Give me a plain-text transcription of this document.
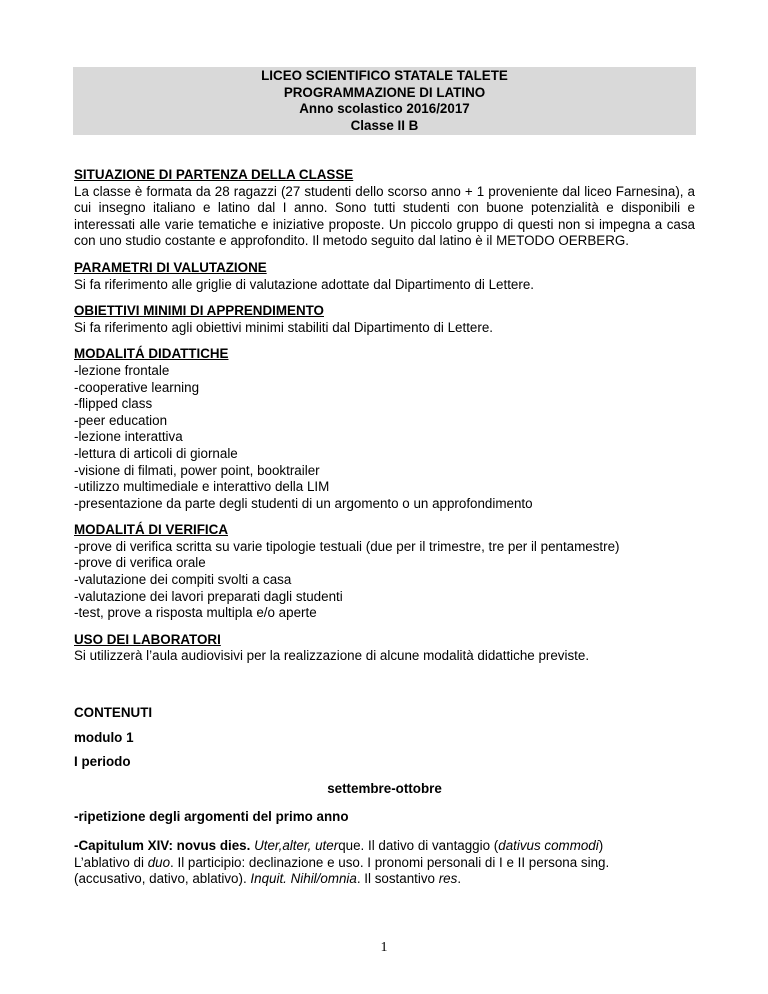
LICEO SCIENTIFICO STATALE TALETE
PROGRAMMAZIONE DI LATINO
Anno scolastico 2016/2017
Classe II B

SITUAZIONE DI PARTENZA DELLA CLASSE

La classe è formata da 28 ragazzi (27 studenti dello scorso anno + 1 proveniente dal liceo Farnesina), a cui insegno italiano e latino dal I anno. Sono tutti studenti con buone potenzialità e disponibili e interessati alle varie tematiche e iniziative proposte. Un piccolo gruppo di questi non si impegna a casa con uno studio costante e approfondito. Il metodo seguito dal latino è il METODO OERBERG.

PARAMETRI DI VALUTAZIONE

Si fa riferimento alle griglie di valutazione adottate dal Dipartimento di Lettere.

OBIETTIVI MINIMI DI APPRENDIMENTO

Si fa riferimento agli obiettivi minimi stabiliti dal Dipartimento di Lettere.

MODALITÁ DIDATTICHE

-lezione frontale
-cooperative learning
-flipped class
-peer education
-lezione interattiva
-lettura di articoli di giornale
-visione di filmati, power point, booktrailer
-utilizzo multimediale e interattivo della LIM
-presentazione da parte degli studenti di un argomento o un approfondimento

MODALITÁ DI VERIFICA

-prove di verifica scritta su varie tipologie testuali (due per il trimestre, tre per il pentamestre)
-prove di verifica orale
-valutazione dei compiti svolti a casa
-valutazione dei lavori preparati dagli studenti
-test, prove a risposta multipla e/o aperte

USO DEI LABORATORI

Si utilizzerà l’aula audiovisivi per la realizzazione di alcune modalità didattiche previste.

CONTENUTI

modulo 1

I periodo

settembre-ottobre

-ripetizione degli argomenti del primo anno

-Capitulum XIV: novus dies. Uter,alter, uterque. Il dativo di vantaggio (dativus commodi)
L’ablativo di duo. Il participio: declinazione e uso. I pronomi personali di I e II persona sing.
(accusativo, dativo, ablativo). Inquit. Nihil/omnia. Il sostantivo res.

1
